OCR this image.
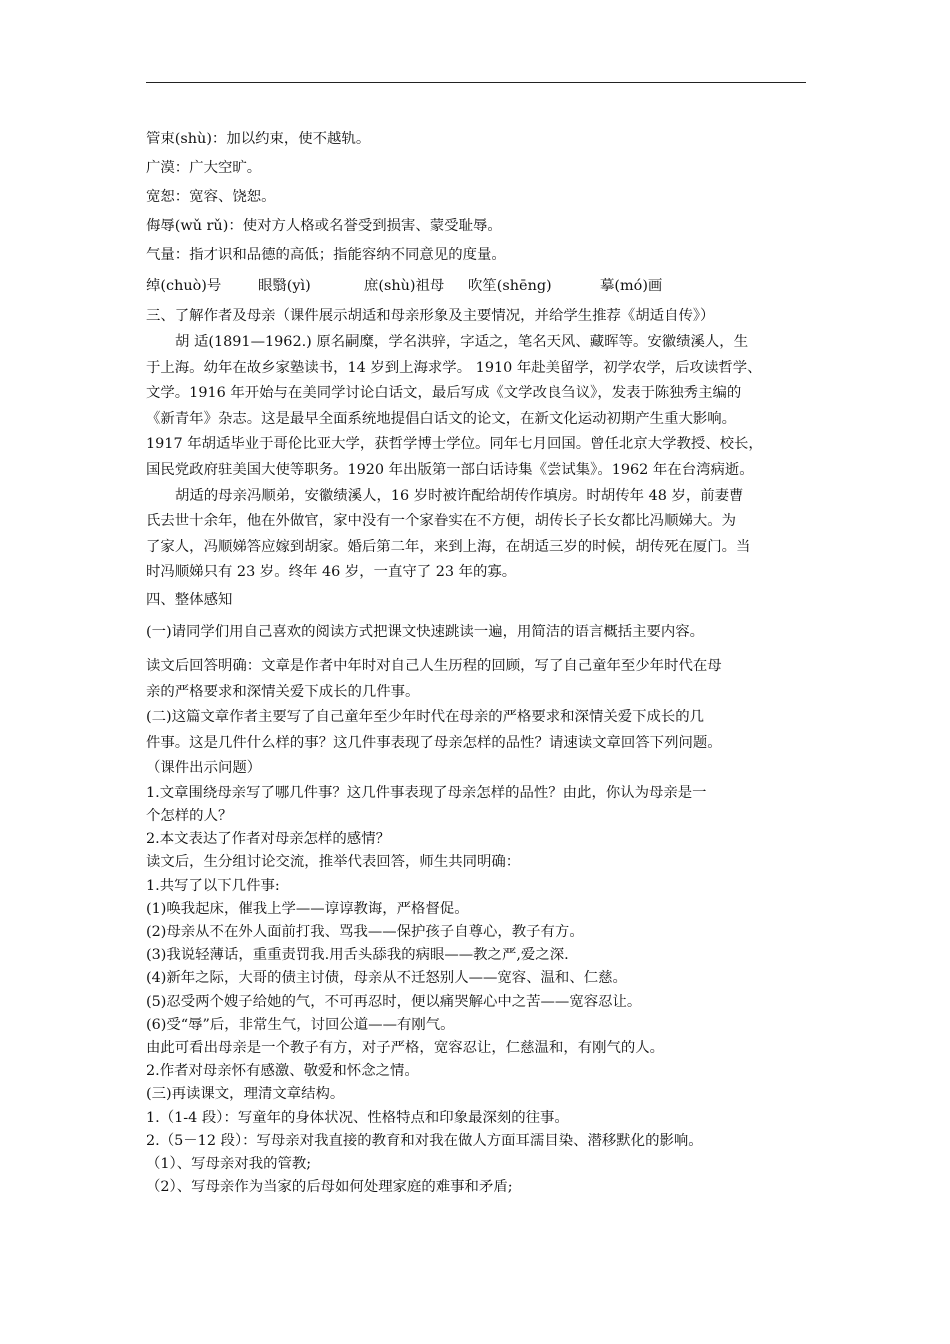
管束(shù)：加以约束，使不越轨。
广漠：广大空旷。
宽恕：宽容、饶恕。
侮辱(wǔ rǔ)：使对方人格或名誉受到损害、蒙受耻辱。
气量：指才识和品德的高低；指能容纳不同意见的度量。
绰(chuò)号	眼翳(yì)	庶(shù)祖母	吹笙(shēng)	摹(mó)画
三、了解作者及母亲（课件展示胡适和母亲形象及主要情况，并给学生推荐《胡适自传》）
胡 适(1891—1962.) 原名嗣糜，学名洪骍，字适之，笔名天风、藏晖等。安徽绩溪人，生
于上海。幼年在故乡家塾读书，14 岁到上海求学。 1910 年赴美留学，初学农学，后攻读哲学、
文学。1916 年开始与在美同学讨论白话文，最后写成《文学改良刍议》，发表于陈独秀主编的
《新青年》杂志。这是最早全面系统地提倡白话文的论文，在新文化运动初期产生重大影响。
1917 年胡适毕业于哥伦比亚大学，获哲学博士学位。同年七月回国。曾任北京大学教授、校长，
国民党政府驻美国大使等职务。1920 年出版第一部白话诗集《尝试集》。1962 年在台湾病逝。
胡适的母亲冯顺弟，安徽绩溪人，16 岁时被许配给胡传作填房。时胡传年 48 岁，前妻曹
氏去世十余年，他在外做官，家中没有一个家眷实在不方便，胡传长子长女都比冯顺娣大。为
了家人，冯顺娣答应嫁到胡家。婚后第二年，来到上海，在胡适三岁的时候，胡传死在厦门。当
时冯顺娣只有 23 岁。终年 46 岁，一直守了 23 年的寡。
四、整体感知
(一)请同学们用自己喜欢的阅读方式把课文快速跳读一遍，用简洁的语言概括主要内容。
读文后回答明确：文章是作者中年时对自己人生历程的回顾，写了自己童年至少年时代在母
亲的严格要求和深情关爱下成长的几件事。
(二)这篇文章作者主要写了自己童年至少年时代在母亲的严格要求和深情关爱下成长的几
件事。这是几件什么样的事？这几件事表现了母亲怎样的品性？请速读文章回答下列问题。
（课件出示问题）
1.文章围绕母亲写了哪几件事？这几件事表现了母亲怎样的品性？由此，你认为母亲是一
个怎样的人？
2.本文表达了作者对母亲怎样的感情？
读文后，生分组讨论交流，推举代表回答，师生共同明确：
1.共写了以下几件事:
(1)唤我起床，催我上学——谆谆教诲，严格督促。
(2)母亲从不在外人面前打我、骂我——保护孩子自尊心，教子有方。
(3)我说轻薄话，重重责罚我.用舌头舔我的病眼——教之严,爱之深.
(4)新年之际，大哥的债主讨债，母亲从不迁怒别人——宽容、温和、仁慈。
(5)忍受两个嫂子给她的气，不可再忍时，便以痛哭解心中之苦——宽容忍让。
(6)受“辱”后，非常生气，讨回公道——有刚气。
由此可看出母亲是一个教子有方，对子严格，宽容忍让，仁慈温和，有刚气的人。
2.作者对母亲怀有感激、敬爱和怀念之情。
(三)再读课文，理清文章结构。
1.（1-4 段）：写童年的身体状况、性格特点和印象最深刻的往事。
2.（5－12 段）：写母亲对我直接的教育和对我在做人方面耳濡目染、潜移默化的影响。
（1）、写母亲对我的管教;
（2）、写母亲作为当家的后母如何处理家庭的难事和矛盾;
